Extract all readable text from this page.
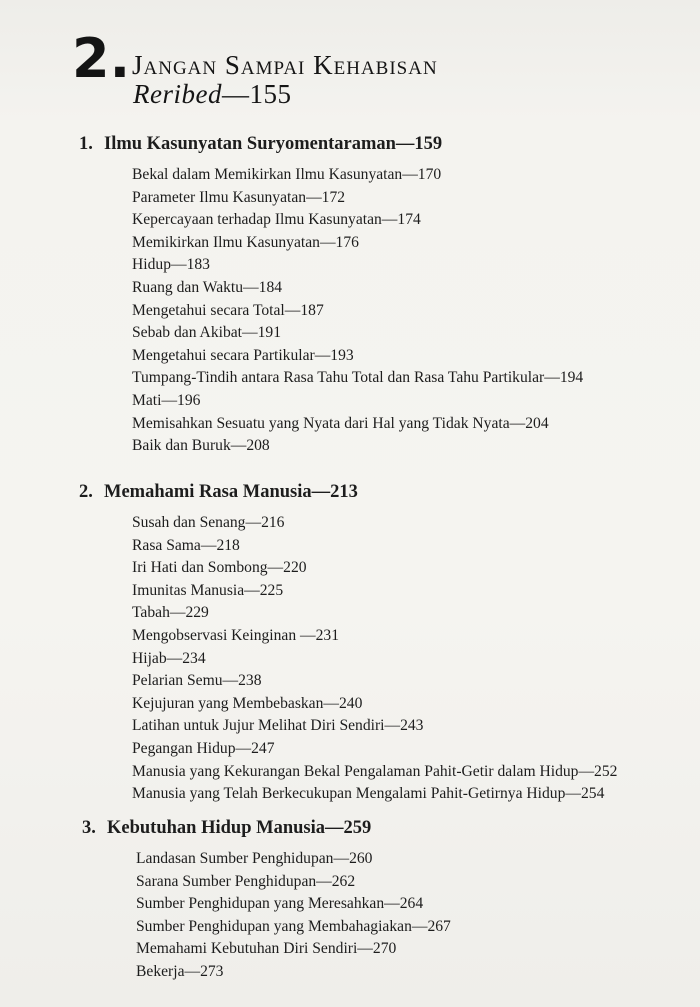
2. Jangan Sampai Kehabisan
Reribed—155
1. Ilmu Kasunyatan Suryomentaraman—159
Bekal dalam Memikirkan Ilmu Kasunyatan—170
Parameter Ilmu Kasunyatan—172
Kepercayaan terhadap Ilmu Kasunyatan—174
Memikirkan Ilmu Kasunyatan—176
Hidup—183
Ruang dan Waktu—184
Mengetahui secara Total—187
Sebab dan Akibat—191
Mengetahui secara Partikular—193
Tumpang-Tindih antara Rasa Tahu Total dan Rasa Tahu Partikular—194
Mati—196
Memisahkan Sesuatu yang Nyata dari Hal yang Tidak Nyata—204
Baik dan Buruk—208
2. Memahami Rasa Manusia—213
Susah dan Senang—216
Rasa Sama—218
Iri Hati dan Sombong—220
Imunitas Manusia—225
Tabah—229
Mengobservasi Keinginan —231
Hijab—234
Pelarian Semu—238
Kejujuran yang Membebaskan—240
Latihan untuk Jujur Melihat Diri Sendiri—243
Pegangan Hidup—247
Manusia yang Kekurangan Bekal Pengalaman Pahit-Getir dalam Hidup—252
Manusia yang Telah Berkecukupan Mengalami Pahit-Getirnya Hidup—254
3. Kebutuhan Hidup Manusia—259
Landasan Sumber Penghidupan—260
Sarana Sumber Penghidupan—262
Sumber Penghidupan yang Meresahkan—264
Sumber Penghidupan yang Membahagiakan—267
Memahami Kebutuhan Diri Sendiri—270
Bekerja—273
